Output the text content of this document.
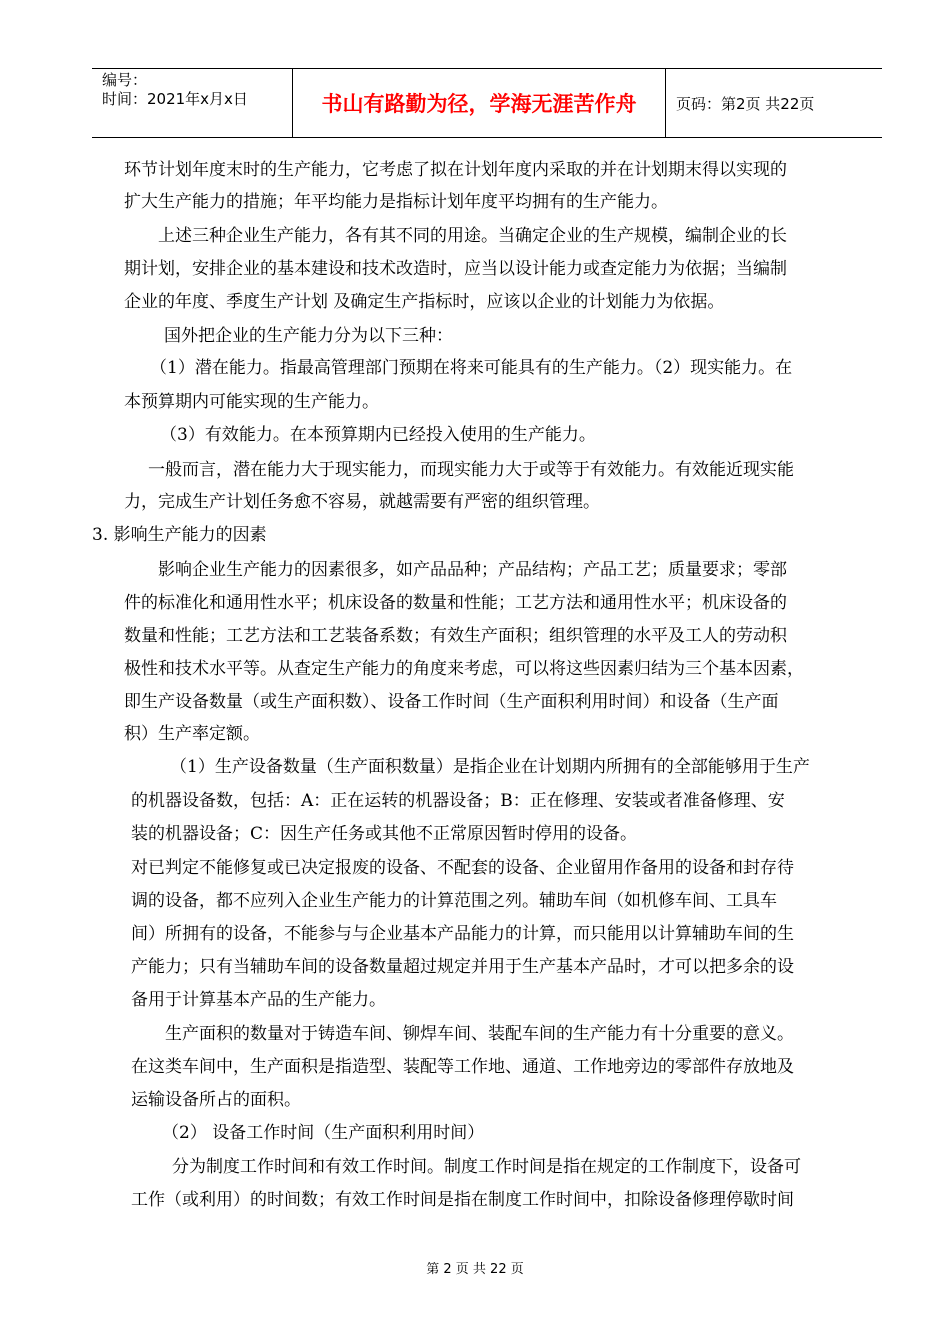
编号：
时间：2021年x月x日	书山有路勤为径，学海无涯苦作舟	页码：第2页 共22页
环节计划年度末时的生产能力，它考虑了拟在计划年度内采取的并在计划期末得以实现的
扩大生产能力的措施；年平均能力是指标计划年度平均拥有的生产能力。
上述三种企业生产能力，各有其不同的用途。当确定企业的生产规模，编制企业的长
期计划，安排企业的基本建设和技术改造时，应当以设计能力或查定能力为依据；当编制
企业的年度、季度生产计划 及确定生产指标时，应该以企业的计划能力为依据。
国外把企业的生产能力分为以下三种：
（1）潜在能力。指最高管理部门预期在将来可能具有的生产能力。（2）现实能力。在
本预算期内可能实现的生产能力。
（3）有效能力。在本预算期内已经投入使用的生产能力。
一般而言，潜在能力大于现实能力，而现实能力大于或等于有效能力。有效能近现实能
力，完成生产计划任务愈不容易，就越需要有严密的组织管理。
3. 影响生产能力的因素
影响企业生产能力的因素很多，如产品品种；产品结构；产品工艺；质量要求；零部
件的标准化和通用性水平；机床设备的数量和性能；工艺方法和通用性水平；机床设备的
数量和性能；工艺方法和工艺装备系数；有效生产面积；组织管理的水平及工人的劳动积
极性和技术水平等。从查定生产能力的角度来考虑，可以将这些因素归结为三个基本因素，
即生产设备数量（或生产面积数）、设备工作时间（生产面积利用时间）和设备（生产面
积）生产率定额。
（1）生产设备数量（生产面积数量）是指企业在计划期内所拥有的全部能够用于生产
的机器设备数，包括：A：正在运转的机器设备；B：正在修理、安装或者准备修理、安
装的机器设备；C：因生产任务或其他不正常原因暂时停用的设备。
对已判定不能修复或已决定报废的设备、不配套的设备、企业留用作备用的设备和封存待
调的设备，都不应列入企业生产能力的计算范围之列。辅助车间（如机修车间、工具车
间）所拥有的设备，不能参与与企业基本产品能力的计算，而只能用以计算辅助车间的生
产能力；只有当辅助车间的设备数量超过规定并用于生产基本产品时，才可以把多余的设
备用于计算基本产品的生产能力。
生产面积的数量对于铸造车间、铆焊车间、装配车间的生产能力有十分重要的意义。
在这类车间中，生产面积是指造型、装配等工作地、通道、工作地旁边的零部件存放地及
运输设备所占的面积。
（2） 设备工作时间（生产面积利用时间）
分为制度工作时间和有效工作时间。制度工作时间是指在规定的工作制度下，设备可
工作（或利用）的时间数；有效工作时间是指在制度工作时间中，扣除设备修理停歇时间
第 2 页 共 22 页
